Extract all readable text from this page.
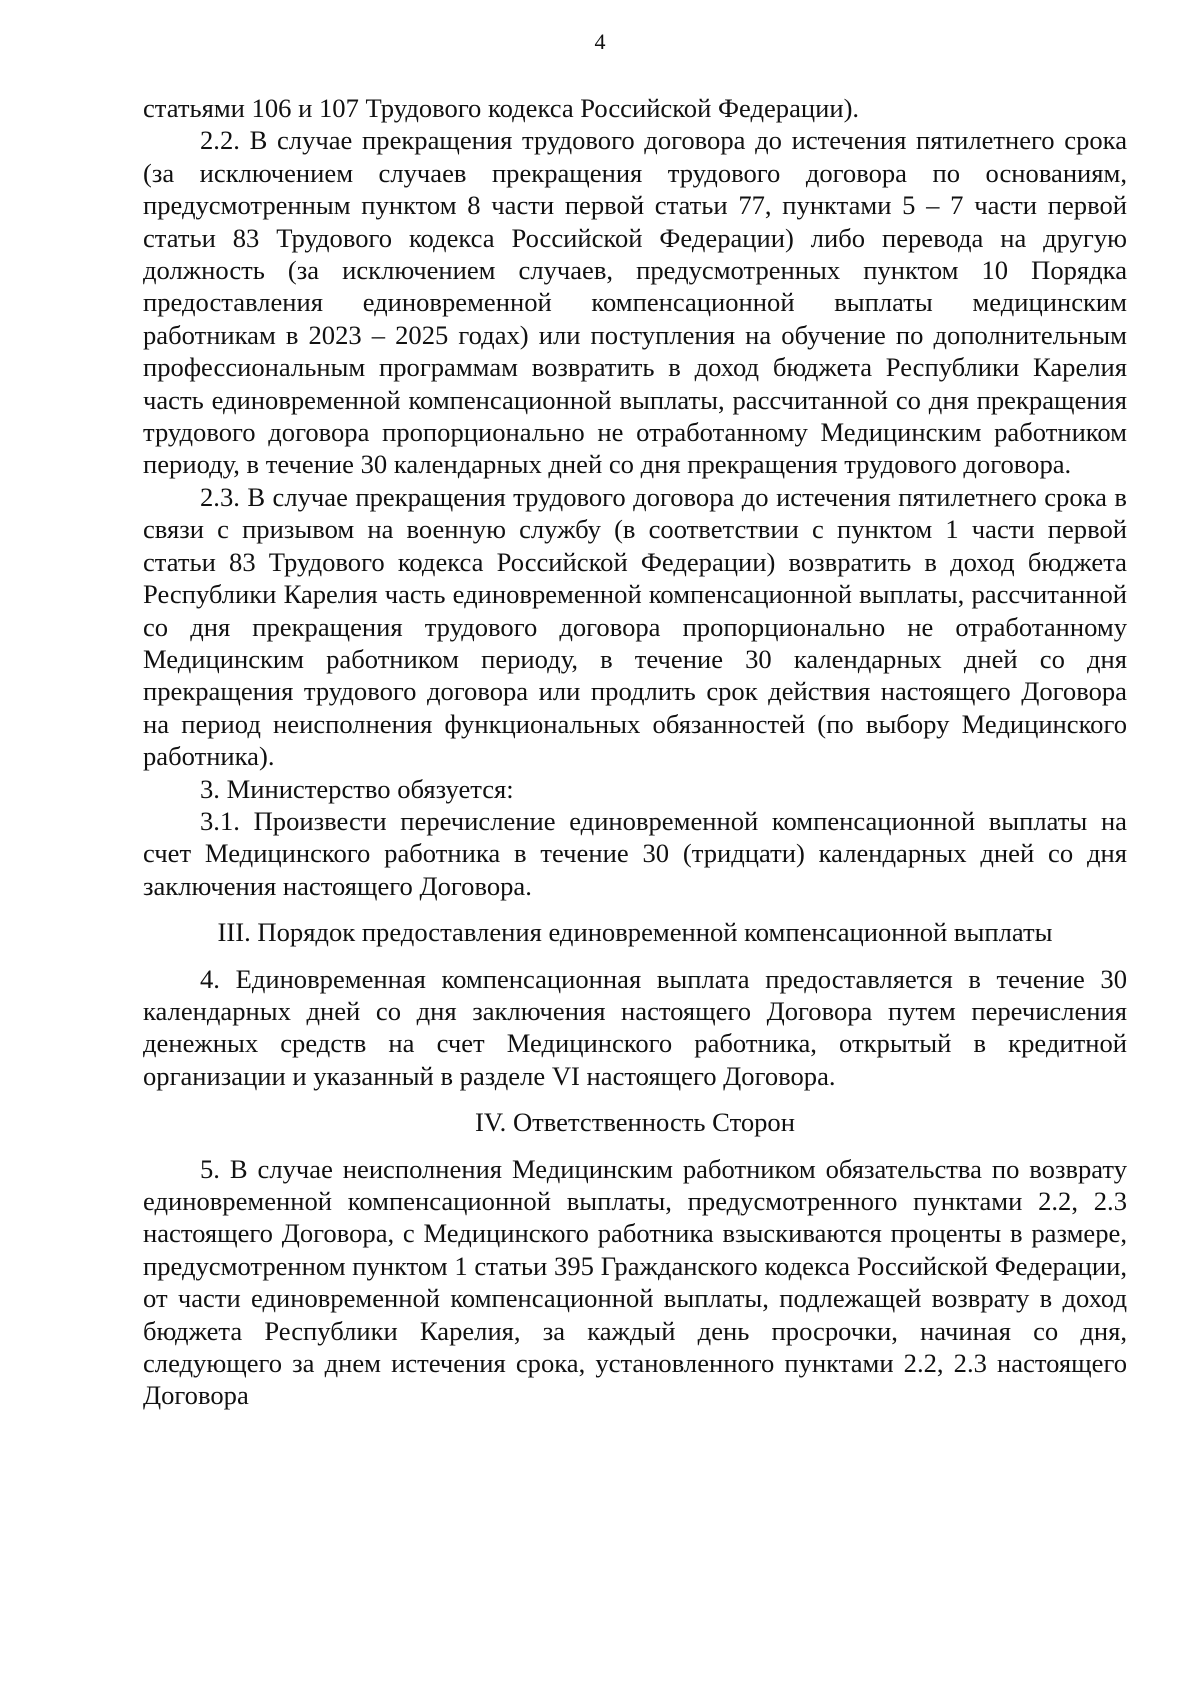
4

статьями 106 и 107 Трудового кодекса Российской Федерации).

2.2. В случае прекращения трудового договора до истечения пятилетнего срока (за исключением случаев прекращения трудового договора по основаниям, предусмотренным пунктом 8 части первой статьи 77, пунктами 5 – 7 части первой статьи 83 Трудового кодекса Российской Федерации) либо перевода на другую должность (за исключением случаев, предусмотренных пунктом 10 Порядка предоставления единовременной компенсационной выплаты медицинским работникам в 2023 – 2025 годах) или поступления на обучение по дополнительным профессиональным программам возвратить в доход бюджета Республики Карелия часть единовременной компенсационной выплаты, рассчитанной со дня прекращения трудового договора пропорционально не отработанному Медицинским работником периоду, в течение 30 календарных дней со дня прекращения трудового договора.

2.3. В случае прекращения трудового договора до истечения пятилетнего срока в связи с призывом на военную службу (в соответствии с пунктом 1 части первой статьи 83 Трудового кодекса Российской Федерации) возвратить в доход бюджета Республики Карелия часть единовременной компенсационной выплаты, рассчитанной со дня прекращения трудового договора пропорционально не отработанному Медицинским работником периоду, в течение 30 календарных дней со дня прекращения трудового договора или продлить срок действия настоящего Договора на период неисполнения функциональных обязанностей (по выбору Медицинского работника).

3. Министерство обязуется:

3.1. Произвести перечисление единовременной компенсационной выплаты на счет Медицинского работника в течение 30 (тридцати) календарных дней со дня заключения настоящего Договора.

III. Порядок предоставления единовременной компенсационной выплаты

4. Единовременная компенсационная выплата предоставляется в течение 30 календарных дней со дня заключения настоящего Договора путем перечисления денежных средств на счет Медицинского работника, открытый в кредитной организации и указанный в разделе VI настоящего Договора.

IV. Ответственность Сторон

5. В случае неисполнения Медицинским работником обязательства по возврату единовременной компенсационной выплаты, предусмотренного пунктами 2.2, 2.3 настоящего Договора, с Медицинского работника взыскиваются проценты в размере, предусмотренном пунктом 1 статьи 395 Гражданского кодекса Российской Федерации, от части единовременной компенсационной выплаты, подлежащей возврату в доход бюджета Республики Карелия, за каждый день просрочки, начиная со дня, следующего за днем истечения срока, установленного пунктами 2.2, 2.3 настоящего Договора
